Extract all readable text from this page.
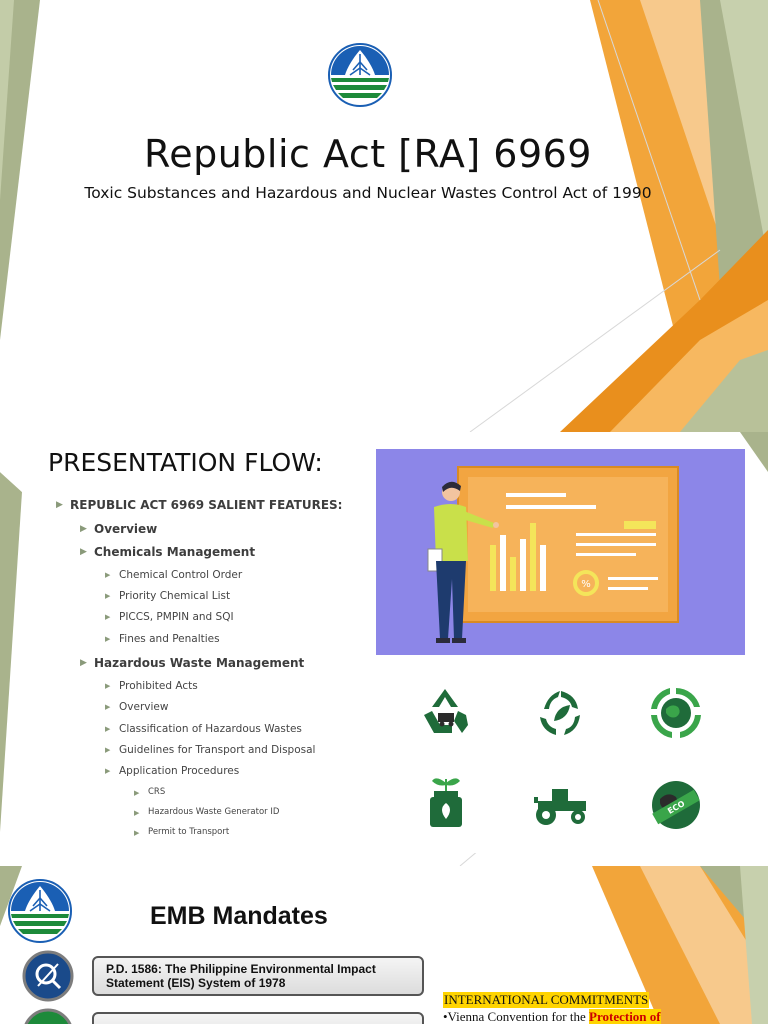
Republic Act [RA] 6969
Toxic Substances and Hazardous and Nuclear Wastes Control Act of 1990
PRESENTATION FLOW:
▶ REPUBLIC ACT 6969 SALIENT FEATURES:
▶ Overview
▶ Chemicals Management
▶ Chemical Control Order
▶ Priority Chemical List
▶ PICCS, PMPIN and SQI
▶ Fines and Penalties
▶ Hazardous Waste Management
▶ Prohibited Acts
▶ Overview
▶ Classification of Hazardous Wastes
▶ Guidelines for Transport and Disposal
▶ Application Procedures
▶ CRS
▶ Hazardous Waste Generator ID
▶ Permit to Transport
%
ECO
EMB Mandates
P.D. 1586: The Philippine Environmental Impact
Statement (EIS) System of 1978
INTERNATIONAL COMMITMENTS
•Vienna Convention for the Protection of
